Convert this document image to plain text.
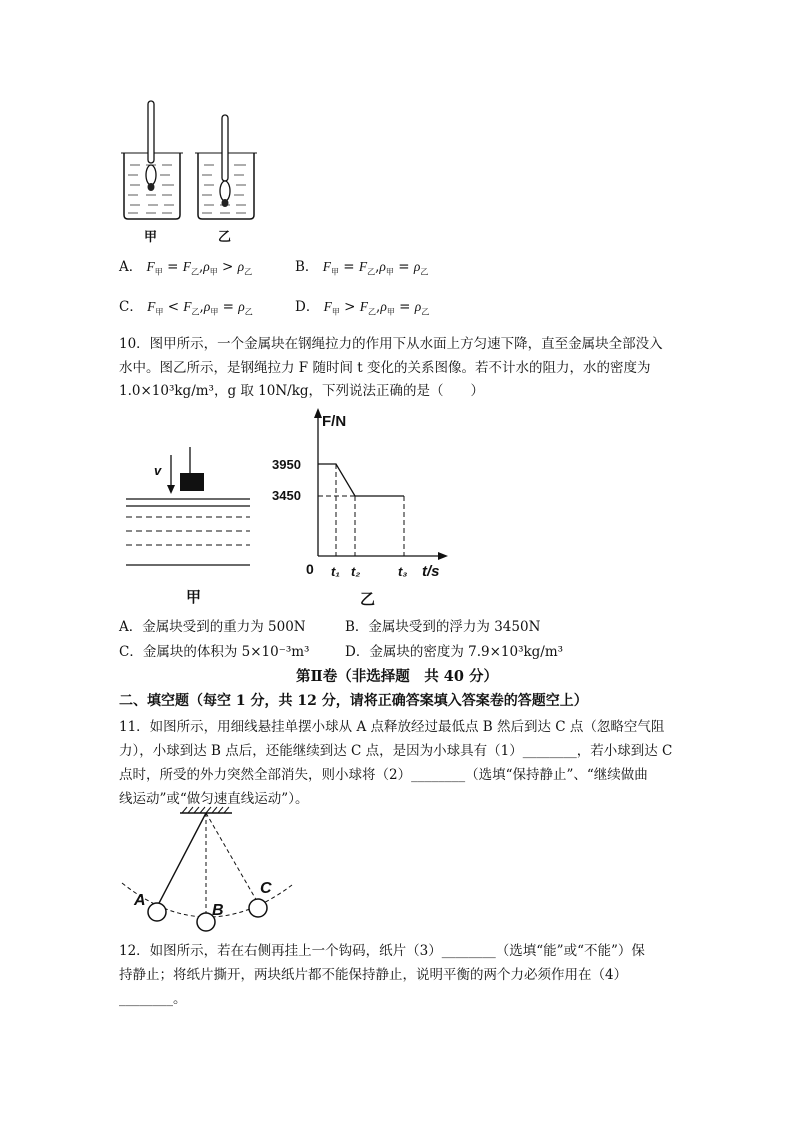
甲	乙
A． $F_甲 = F_乙,\rho_甲 > \rho_乙$	B． $F_甲 = F_乙,\rho_甲 = \rho_乙$
C． $F_甲 < F_乙,\rho_甲 = \rho_乙$	D． $F_甲 > F_乙,\rho_甲 = \rho_乙$
10．图甲所示，一个金属块在钢绳拉力的作用下从水面上方匀速下降，直至金属块全部没入
水中。图乙所示，是钢绳拉力 F 随时间 t 变化的关系图像。若不计水的阻力，水的密度为
1.0×10³kg/m³，g 取 10N/kg，下列说法正确的是（　　）
v
甲
F/N
t/s
0
3950
3450
t₁ t₂	t₃
乙
A．金属块受到的重力为 500N	B．金属块受到的浮力为 3450N
C．金属块的体积为 5×10⁻³m³	D．金属块的密度为 7.9×10³kg/m³
第Ⅱ卷（非选择题　共 40 分）
二、填空题（每空 1 分，共 12 分，请将正确答案填入答案卷的答题空上）
11．如图所示，用细线悬挂单摆小球从 A 点释放经过最低点 B 然后到达 C 点（忽略空气阻
力），小球到达 B 点后，还能继续到达 C 点，是因为小球具有（1）________，若小球到达 C
点时，所受的外力突然全部消失，则小球将（2）________（选填“保持静止”、“继续做曲
线运动”或“做匀速直线运动”）。
A
B
C
12．如图所示，若在右侧再挂上一个钩码，纸片（3）________（选填“能”或“不能”）保
持静止；将纸片撕开，两块纸片都不能保持静止，说明平衡的两个力必须作用在（4）
________。
